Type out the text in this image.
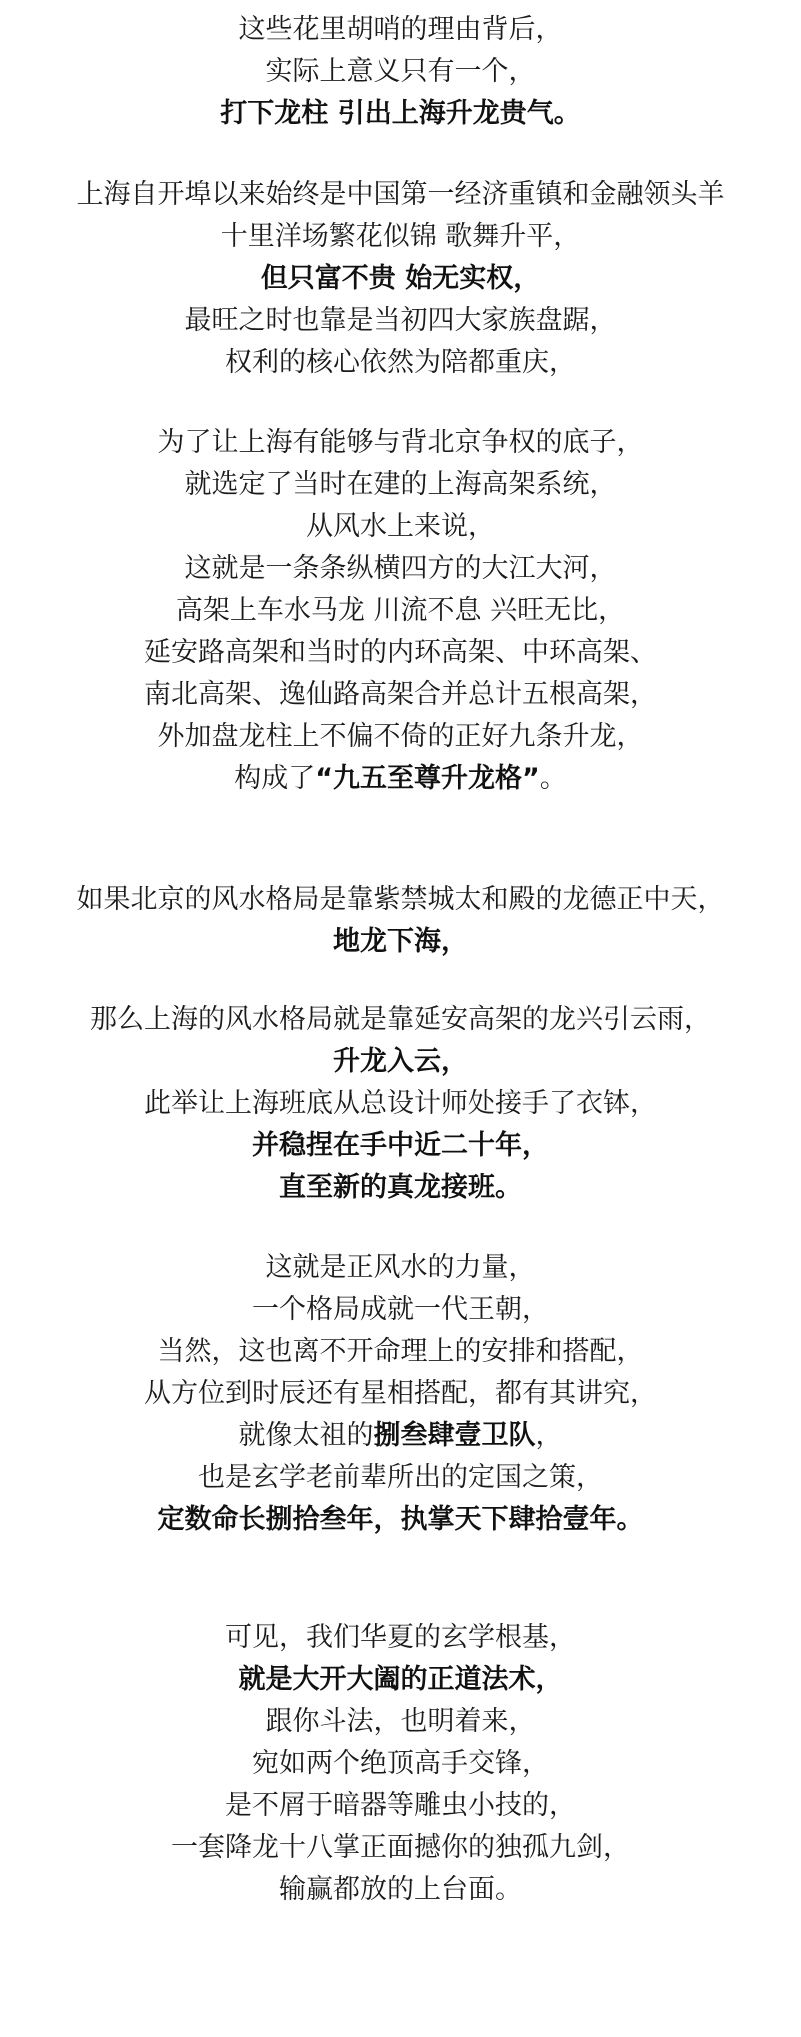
这些花里胡哨的理由背后，
实际上意义只有一个，
打下龙柱 引出上海升龙贵气。
上海自开埠以来始终是中国第一经济重镇和金融领头羊
十里洋场繁花似锦 歌舞升平，
但只富不贵 始无实权，
最旺之时也靠是当初四大家族盘踞，
权利的核心依然为陪都重庆，
为了让上海有能够与背北京争权的底子，
就选定了当时在建的上海高架系统，
从风水上来说，
这就是一条条纵横四方的大江大河，
高架上车水马龙 川流不息 兴旺无比，
延安路高架和当时的内环高架、中环高架、
南北高架、逸仙路高架合并总计五根高架，
外加盘龙柱上不偏不倚的正好九条升龙，
构成了“九五至尊升龙格”。
如果北京的风水格局是靠紫禁城太和殿的龙德正中天，
地龙下海，
那么上海的风水格局就是靠延安高架的龙兴引云雨，
升龙入云，
此举让上海班底从总设计师处接手了衣钵，
并稳捏在手中近二十年，
直至新的真龙接班。
这就是正风水的力量，
一个格局成就一代王朝，
当然，这也离不开命理上的安排和搭配，
从方位到时辰还有星相搭配，都有其讲究，
就像太祖的捌叁肆壹卫队，
也是玄学老前辈所出的定国之策，
定数命长捌拾叁年，执掌天下肆拾壹年。
可见，我们华夏的玄学根基，
就是大开大阖的正道法术，
跟你斗法，也明着来，
宛如两个绝顶高手交锋，
是不屑于暗器等雕虫小技的，
一套降龙十八掌正面撼你的独孤九剑，
输赢都放的上台面。
